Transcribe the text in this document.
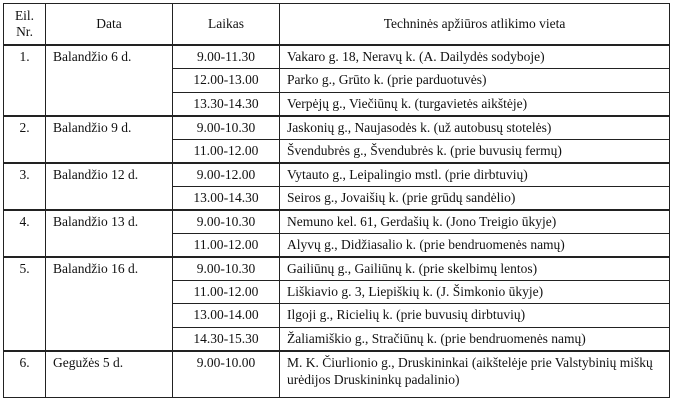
Eil. Nr.	Data	Laikas	Techninės apžiūros atlikimo vieta
1.	Balandžio 6 d.	9.00-11.30	Vakaro g. 18, Neravų k. (A. Dailydės sodyboje)
		12.00-13.00	Parko g., Grūto k. (prie parduotuvės)
		13.30-14.30	Verpėjų g., Viečiūnų k. (turgavietės aikštėje)
2.	Balandžio 9 d.	9.00-10.30	Jaskonių g., Naujasodės k. (už autobusų stotelės)
		11.00-12.00	Švendubrės g., Švendubrės k. (prie buvusių fermų)
3.	Balandžio 12 d.	9.00-12.00	Vytauto g., Leipalingio mstl. (prie dirbtuvių)
		13.00-14.30	Seiros g., Jovaišių k. (prie grūdų sandėlio)
4.	Balandžio 13 d.	9.00-10.30	Nemuno kel. 61, Gerdašių k. (Jono Treigio ūkyje)
		11.00-12.00	Alyvų g., Didžiasalio k. (prie bendruomenės namų)
5.	Balandžio 16 d.	9.00-10.30	Gailiūnų g., Gailiūnų k. (prie skelbimų lentos)
		11.00-12.00	Liškiavio g. 3, Liepiškių k. (J. Šimkonio ūkyje)
		13.00-14.00	Ilgoji g., Ricielių k. (prie buvusių dirbtuvių)
		14.30-15.30	Žaliamiškio g., Stračiūnų k. (prie bendruomenės namų)
6.	Gegužės 5 d.	9.00-10.00	M. K. Čiurlionio g., Druskininkai (aikštelėje prie Valstybinių miškų urėdijos Druskininkų padalinio)
